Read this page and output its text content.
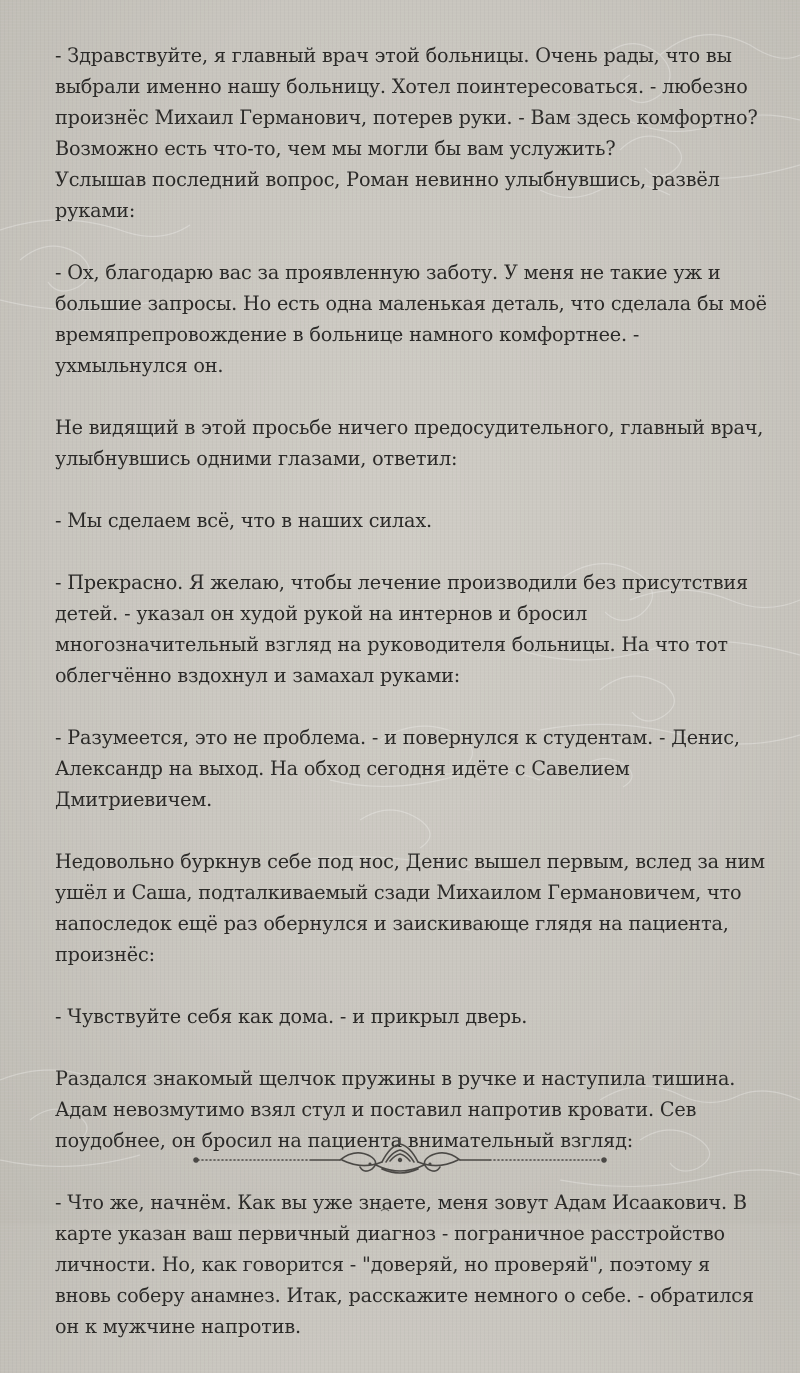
- Здравствуйте, я главный врач этой больницы. Очень рады, что вы
выбрали именно нашу больницу. Хотел поинтересоваться. - любезно
произнёс Михаил Германович, потерев руки. - Вам здесь комфортно?
Возможно есть что-то, чем мы могли бы вам услужить?
Услышав последний вопрос, Роман невинно улыбнувшись, развёл
руками:

- Ох, благодарю вас за проявленную заботу. У меня не такие уж и
большие запросы. Но есть одна маленькая деталь, что сделала бы моё
времяпрепровождение в больнице намного комфортнее. -
ухмыльнулся он.

Не видящий в этой просьбе ничего предосудительного, главный врач,
улыбнувшись одними глазами, ответил:

- Мы сделаем всё, что в наших силах.

- Прекрасно. Я желаю, чтобы лечение производили без присутствия
детей. - указал он худой рукой на интернов и бросил
многозначительный взгляд на руководителя больницы. На что тот
облегчённо вздохнул и замахал руками:

- Разумеется, это не проблема. - и повернулся к студентам. - Денис,
Александр на выход. На обход сегодня идёте с Савелием
Дмитриевичем.

Недовольно буркнув себе под нос, Денис вышел первым, вслед за ним
ушёл и Саша, подталкиваемый сзади Михаилом Германовичем, что
напоследок ещё раз обернулся и заискивающе глядя на пациента,
произнёс:

- Чувствуйте себя как дома. - и прикрыл дверь.

Раздался знакомый щелчок пружины в ручке и наступила тишина.
Адам невозмутимо взял стул и поставил напротив кровати. Сев
поудобнее, он бросил на пациента внимательный взгляд:

- Что же, начнём. Как вы уже знаете, меня зовут Адам Исаакович. В
карте указан ваш первичный диагноз - пограничное расстройство
личности. Но, как говорится - "доверяй, но проверяй", поэтому я
вновь соберу анамнез. Итак, расскажите немного о себе. - обратился
он к мужчине напротив.
